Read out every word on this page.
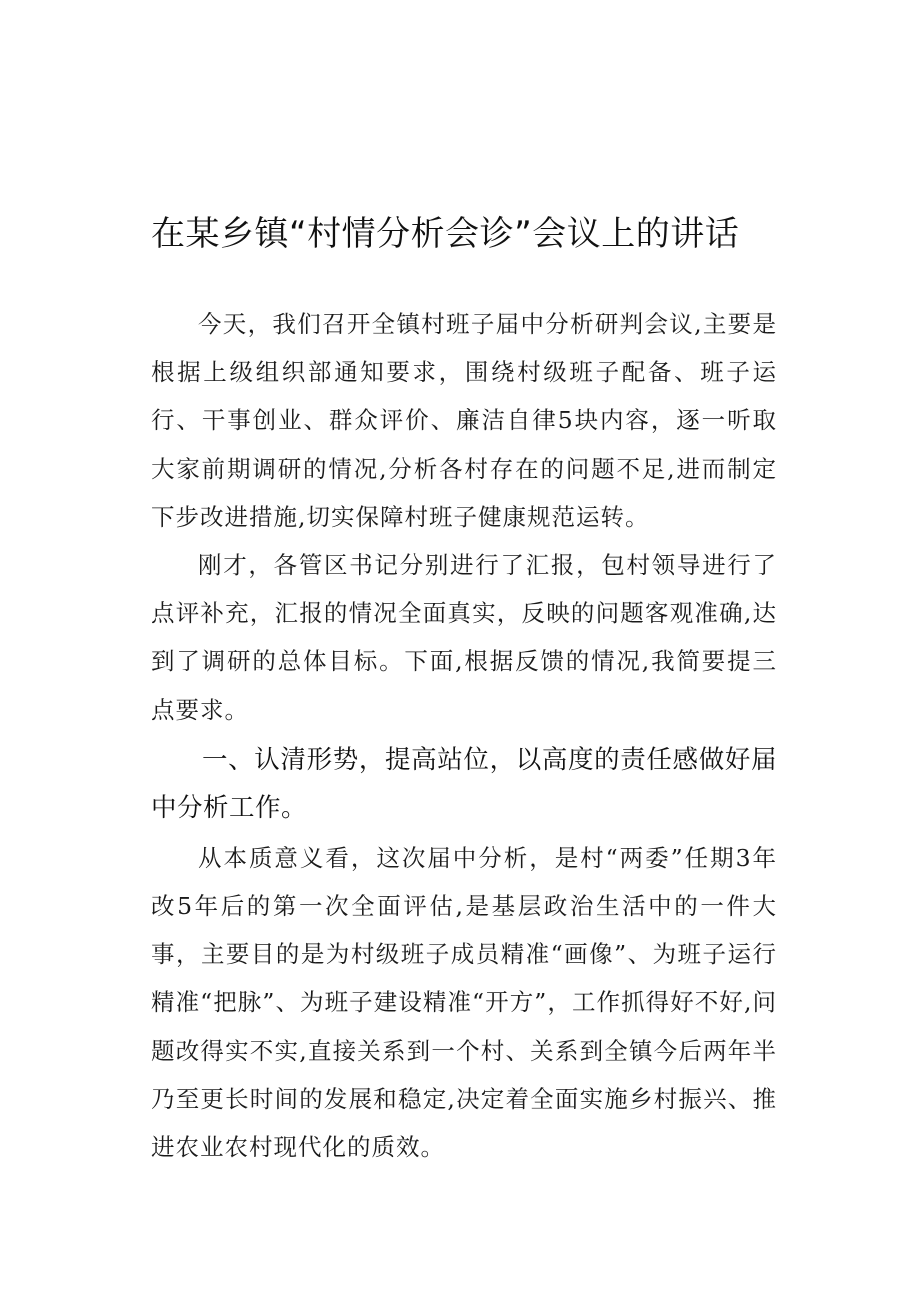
在某乡镇“村情分析会诊”会议上的讲话

今天，我们召开全镇村班子届中分析研判会议,主要是根据上级组织部通知要求，围绕村级班子配备、班子运行、干事创业、群众评价、廉洁自律5块内容，逐一听取大家前期调研的情况,分析各村存在的问题不足,进而制定下步改进措施,切实保障村班子健康规范运转。

刚才，各管区书记分别进行了汇报，包村领导进行了点评补充，汇报的情况全面真实，反映的问题客观准确,达到了调研的总体目标。下面,根据反馈的情况,我简要提三点要求。

一、认清形势，提高站位，以高度的责任感做好届中分析工作。

从本质意义看，这次届中分析，是村“两委”任期3年改5年后的第一次全面评估,是基层政治生活中的一件大事，主要目的是为村级班子成员精准“画像”、为班子运行精准“把脉”、为班子建设精准“开方”，工作抓得好不好,问题改得实不实,直接关系到一个村、关系到全镇今后两年半乃至更长时间的发展和稳定,决定着全面实施乡村振兴、推进农业农村现代化的质效。
